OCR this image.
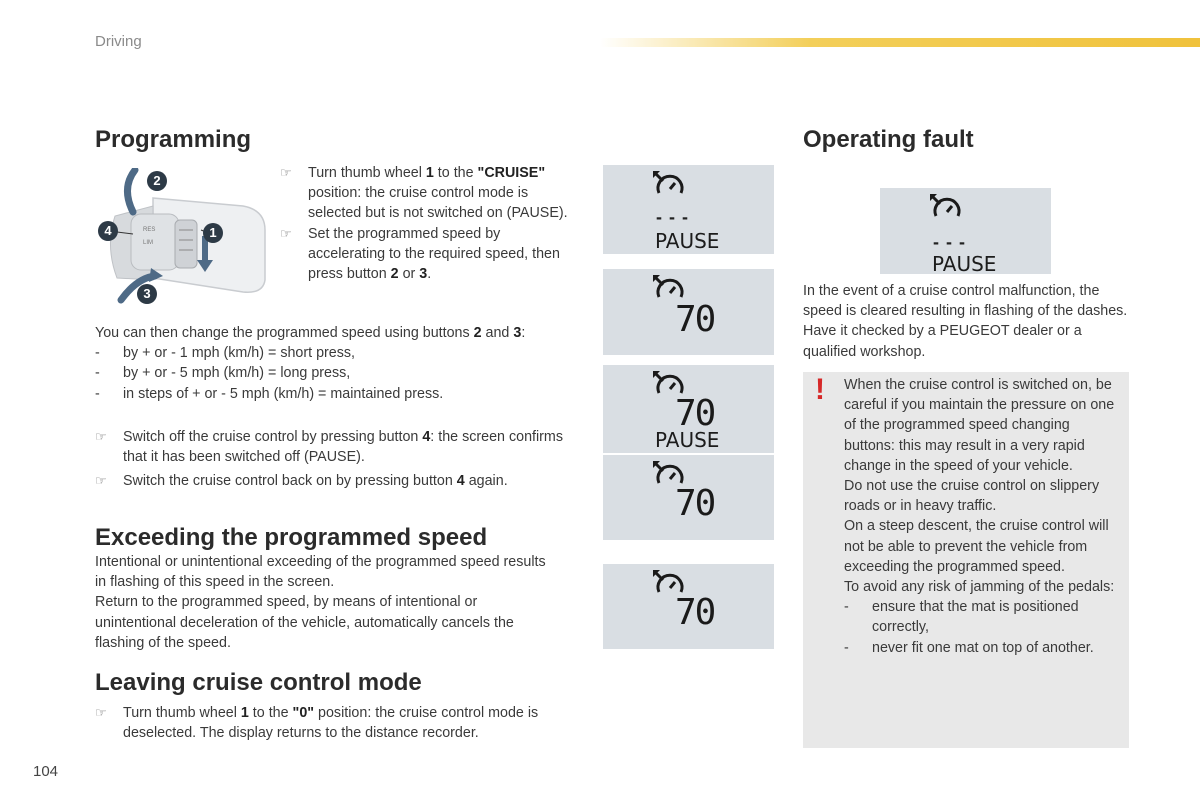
Driving
Programming
RES
LIM
2
4	1
3
☞ Turn thumb wheel 1 to the "CRUISE" position: the cruise control mode is selected but is not switched on (PAUSE).
☞ Set the programmed speed by accelerating to the required speed, then press button 2 or 3.
You can then change the programmed speed using buttons 2 and 3:
- by + or - 1 mph (km/h) = short press,
- by + or - 5 mph (km/h) = long press,
- in steps of + or - 5 mph (km/h) = maintained press.
☞ Switch off the cruise control by pressing button 4: the screen confirms that it has been switched off (PAUSE).
☞ Switch the cruise control back on by pressing button 4 again.
Exceeding the programmed speed
Intentional or unintentional exceeding of the programmed speed results in flashing of this speed in the screen.
Return to the programmed speed, by means of intentional or unintentional deceleration of the vehicle, automatically cancels the flashing of the speed.
Leaving cruise control mode
☞ Turn thumb wheel 1 to the "0" position: the cruise control mode is deselected. The display returns to the distance recorder.
- - -
PAUSE
70
70
PAUSE
70
70
Operating fault
- - -
PAUSE
In the event of a cruise control malfunction, the speed is cleared resulting in flashing of the dashes. Have it checked by a PEUGEOT dealer or a qualified workshop.
! When the cruise control is switched on, be careful if you maintain the pressure on one of the programmed speed changing buttons: this may result in a very rapid change in the speed of your vehicle.
Do not use the cruise control on slippery roads or in heavy traffic.
On a steep descent, the cruise control will not be able to prevent the vehicle from exceeding the programmed speed.
To avoid any risk of jamming of the pedals:
- ensure that the mat is positioned correctly,
- never fit one mat on top of another.
104
